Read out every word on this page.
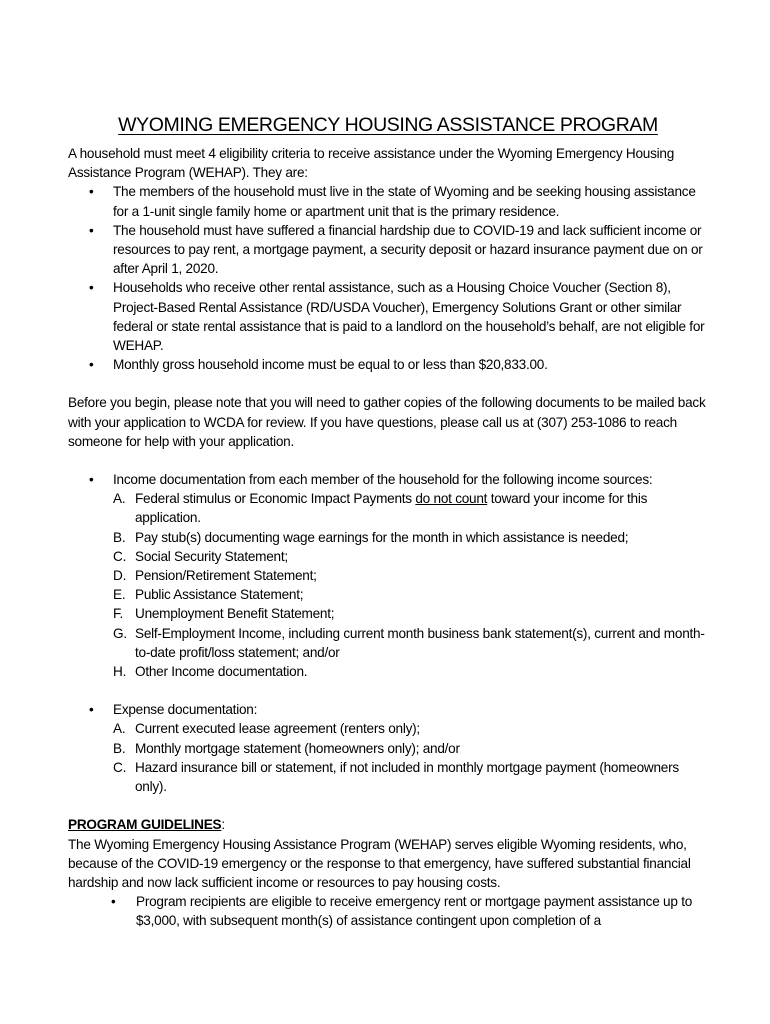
WYOMING EMERGENCY HOUSING ASSISTANCE PROGRAM

A household must meet 4 eligibility criteria to receive assistance under the Wyoming Emergency Housing Assistance Program (WEHAP). They are:

• The members of the household must live in the state of Wyoming and be seeking housing assistance for a 1-unit single family home or apartment unit that is the primary residence.
• The household must have suffered a financial hardship due to COVID-19 and lack sufficient income or resources to pay rent, a mortgage payment, a security deposit or hazard insurance payment due on or after April 1, 2020.
• Households who receive other rental assistance, such as a Housing Choice Voucher (Section 8), Project-Based Rental Assistance (RD/USDA Voucher), Emergency Solutions Grant or other similar federal or state rental assistance that is paid to a landlord on the household’s behalf, are not eligible for WEHAP.
• Monthly gross household income must be equal to or less than $20,833.00.

Before you begin, please note that you will need to gather copies of the following documents to be mailed back with your application to WCDA for review. If you have questions, please call us at (307) 253-1086 to reach someone for help with your application.

• Income documentation from each member of the household for the following income sources:
A. Federal stimulus or Economic Impact Payments do not count toward your income for this application.
B. Pay stub(s) documenting wage earnings for the month in which assistance is needed;
C. Social Security Statement;
D. Pension/Retirement Statement;
E. Public Assistance Statement;
F. Unemployment Benefit Statement;
G. Self-Employment Income, including current month business bank statement(s), current and month-to-date profit/loss statement; and/or
H. Other Income documentation.
• Expense documentation:
A. Current executed lease agreement (renters only);
B. Monthly mortgage statement (homeowners only); and/or
C. Hazard insurance bill or statement, if not included in monthly mortgage payment (homeowners only).

PROGRAM GUIDELINES:

The Wyoming Emergency Housing Assistance Program (WEHAP) serves eligible Wyoming residents, who, because of the COVID-19 emergency or the response to that emergency, have suffered substantial financial hardship and now lack sufficient income or resources to pay housing costs.

• Program recipients are eligible to receive emergency rent or mortgage payment assistance up to $3,000, with subsequent month(s) of assistance contingent upon completion of a
